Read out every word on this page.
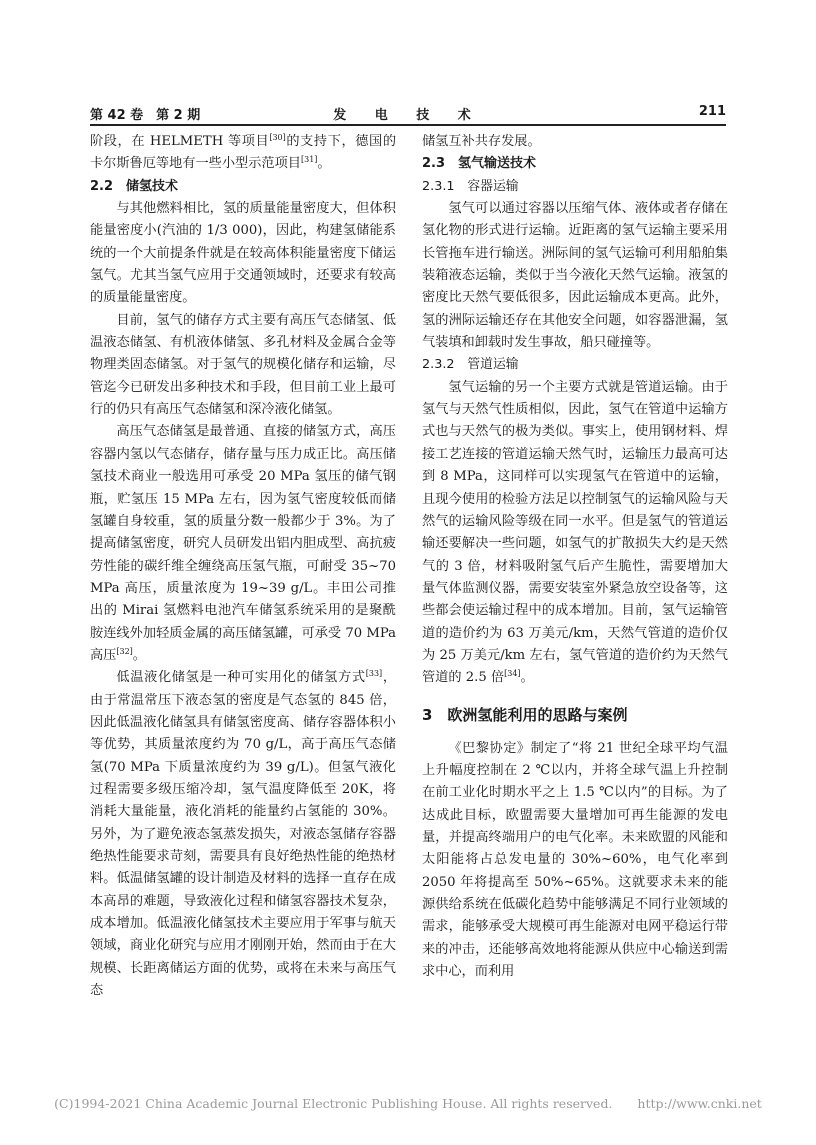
第 42 卷　第 2 期	发 电 技 术	211

阶段，在 HELMETH 等项目[30]的支持下，德国的卡尔斯鲁厄等地有一些小型示范项目[31]。

2.2　储氢技术

与其他燃料相比，氢的质量能量密度大，但体积能量密度小(汽油的 1/3 000)，因此，构建氢储能系统的一个大前提条件就是在较高体积能量密度下储运氢气。尤其当氢气应用于交通领域时，还要求有较高的质量能量密度。

目前，氢气的储存方式主要有高压气态储氢、低温液态储氢、有机液体储氢、多孔材料及金属合金等物理类固态储氢。对于氢气的规模化储存和运输，尽管迄今已研发出多种技术和手段，但目前工业上最可行的仍只有高压气态储氢和深冷液化储氢。

高压气态储氢是最普通、直接的储氢方式，高压容器内氢以气态储存，储存量与压力成正比。高压储氢技术商业一般选用可承受 20 MPa 氢压的储气钢瓶，贮氢压 15 MPa 左右，因为氢气密度较低而储氢罐自身较重，氢的质量分数一般都少于 3%。为了提高储氢密度，研究人员研发出铝内胆成型、高抗疲劳性能的碳纤维全缠绕高压氢气瓶，可耐受 35~70 MPa 高压，质量浓度为 19~39 g/L。丰田公司推出的 Mirai 氢燃料电池汽车储氢系统采用的是聚酰胺连线外加轻质金属的高压储氢罐，可承受 70 MPa 高压[32]。

低温液化储氢是一种可实用化的储氢方式[33]，由于常温常压下液态氢的密度是气态氢的 845 倍，因此低温液化储氢具有储氢密度高、储存容器体积小等优势，其质量浓度约为 70 g/L，高于高压气态储氢(70 MPa 下质量浓度约为 39 g/L)。但氢气液化过程需要多级压缩冷却，氢气温度降低至 20K，将消耗大量能量，液化消耗的能量约占氢能的 30%。另外，为了避免液态氢蒸发损失，对液态氢储存容器绝热性能要求苛刻，需要具有良好绝热性能的绝热材料。低温储氢罐的设计制造及材料的选择一直存在成本高昂的难题，导致液化过程和储氢容器技术复杂，成本增加。低温液化储氢技术主要应用于军事与航天领域，商业化研究与应用才刚刚开始，然而由于在大规模、长距离储运方面的优势，或将在未来与高压气态

储氢互补共存发展。

2.3　氢气输送技术
2.3.1　容器运输

氢气可以通过容器以压缩气体、液体或者存储在氢化物的形式进行运输。近距离的氢气运输主要采用长管拖车进行输送。洲际间的氢气运输可利用船舶集装箱液态运输，类似于当今液化天然气运输。液氢的密度比天然气要低很多，因此运输成本更高。此外，氢的洲际运输还存在其他安全问题，如容器泄漏，氢气装填和卸载时发生事故，船只碰撞等。

2.3.2　管道运输

氢气运输的另一个主要方式就是管道运输。由于氢气与天然气性质相似，因此，氢气在管道中运输方式也与天然气的极为类似。事实上，使用钢材料、焊接工艺连接的管道运输天然气时，运输压力最高可达到 8 MPa，这同样可以实现氢气在管道中的运输，且现今使用的检验方法足以控制氢气的运输风险与天然气的运输风险等级在同一水平。但是氢气的管道运输还要解决一些问题，如氢气的扩散损失大约是天然气的 3 倍，材料吸附氢气后产生脆性，需要增加大量气体监测仪器，需要安装室外紧急放空设备等，这些都会使运输过程中的成本增加。目前，氢气运输管道的造价约为 63 万美元/km，天然气管道的造价仅为 25 万美元/km 左右，氢气管道的造价约为天然气管道的 2.5 倍[34]。

3　欧洲氢能利用的思路与案例

《巴黎协定》制定了“将 21 世纪全球平均气温上升幅度控制在 2 ℃以内，并将全球气温上升控制在前工业化时期水平之上 1.5 ℃以内”的目标。为了达成此目标，欧盟需要大量增加可再生能源的发电量，并提高终端用户的电气化率。未来欧盟的风能和太阳能将占总发电量的 30%~60%，电气化率到 2050 年将提高至 50%~65%。这就要求未来的能源供给系统在低碳化趋势中能够满足不同行业领域的需求，能够承受大规模可再生能源对电网平稳运行带来的冲击，还能够高效地将能源从供应中心输送到需求中心，而利用

(C)1994-2021 China Academic Journal Electronic Publishing House. All rights reserved.　　http://www.cnki.net
